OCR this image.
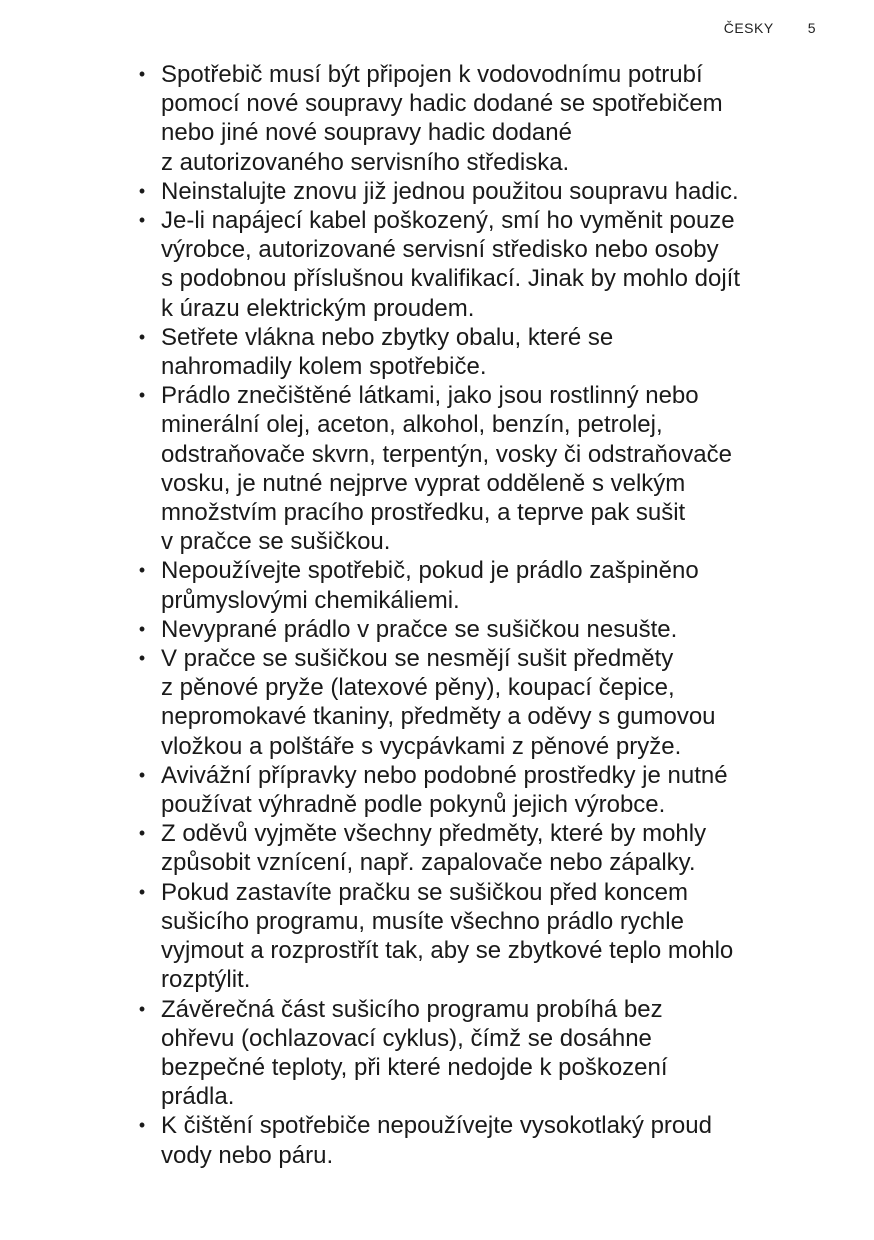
ČESKY 5
• Spotřebič musí být připojen k vodovodnímu potrubí
pomocí nové soupravy hadic dodané se spotřebičem
nebo jiné nové soupravy hadic dodané
z autorizovaného servisního střediska.
• Neinstalujte znovu již jednou použitou soupravu hadic.
• Je-li napájecí kabel poškozený, smí ho vyměnit pouze
výrobce, autorizované servisní středisko nebo osoby
s podobnou příslušnou kvalifikací. Jinak by mohlo dojít
k úrazu elektrickým proudem.
• Setřete vlákna nebo zbytky obalu, které se
nahromadily kolem spotřebiče.
• Prádlo znečištěné látkami, jako jsou rostlinný nebo
minerální olej, aceton, alkohol, benzín, petrolej,
odstraňovače skvrn, terpentýn, vosky či odstraňovače
vosku, je nutné nejprve vyprat odděleně s velkým
množstvím pracího prostředku, a teprve pak sušit
v pračce se sušičkou.
• Nepoužívejte spotřebič, pokud je prádlo zašpiněno
průmyslovými chemikáliemi.
• Nevyprané prádlo v pračce se sušičkou nesušte.
• V pračce se sušičkou se nesmějí sušit předměty
z pěnové pryže (latexové pěny), koupací čepice,
nepromokavé tkaniny, předměty a oděvy s gumovou
vložkou a polštáře s vycpávkami z pěnové pryže.
• Avivážní přípravky nebo podobné prostředky je nutné
používat výhradně podle pokynů jejich výrobce.
• Z oděvů vyjměte všechny předměty, které by mohly
způsobit vznícení, např. zapalovače nebo zápalky.
• Pokud zastavíte pračku se sušičkou před koncem
sušicího programu, musíte všechno prádlo rychle
vyjmout a rozprostřít tak, aby se zbytkové teplo mohlo
rozptýlit.
• Závěrečná část sušicího programu probíhá bez
ohřevu (ochlazovací cyklus), čímž se dosáhne
bezpečné teploty, při které nedojde k poškození
prádla.
• K čištění spotřebiče nepoužívejte vysokotlaký proud
vody nebo páru.
